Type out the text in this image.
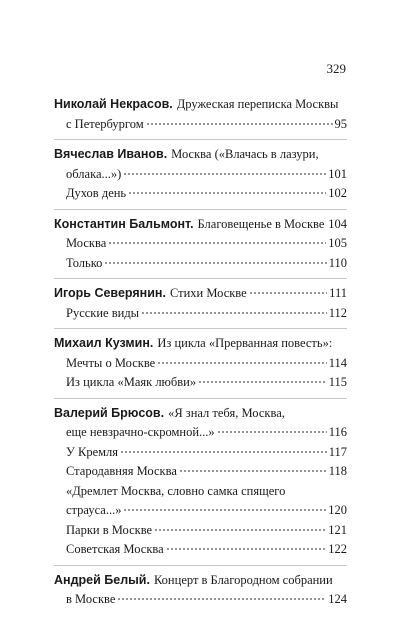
329
Николай Некрасов. Дружеская переписка Москвы
с Петербургом	95
Вячеслав Иванов. Москва («Влачась в лазури,
облака...»)	101
Духов день	102
Константин Бальмонт. Благовещенье в Москве 104
Москва	105
Только	110
Игорь Северянин. Стихи Москве	111
Русские виды	112
Михаил Кузмин. Из цикла «Прерванная повесть»:
Мечты о Москве	114
Из цикла «Маяк любви»	115
Валерий Брюсов. «Я знал тебя, Москва,
еще невзрачно-скромной...»	116
У Кремля	117
Стародавняя Москва	118
«Дремлет Москва, словно самка спящего
страуса...»	120
Парки в Москве	121
Советская Москва	122
Андрей Белый. Концерт в Благородном собрании
в Москве	124
